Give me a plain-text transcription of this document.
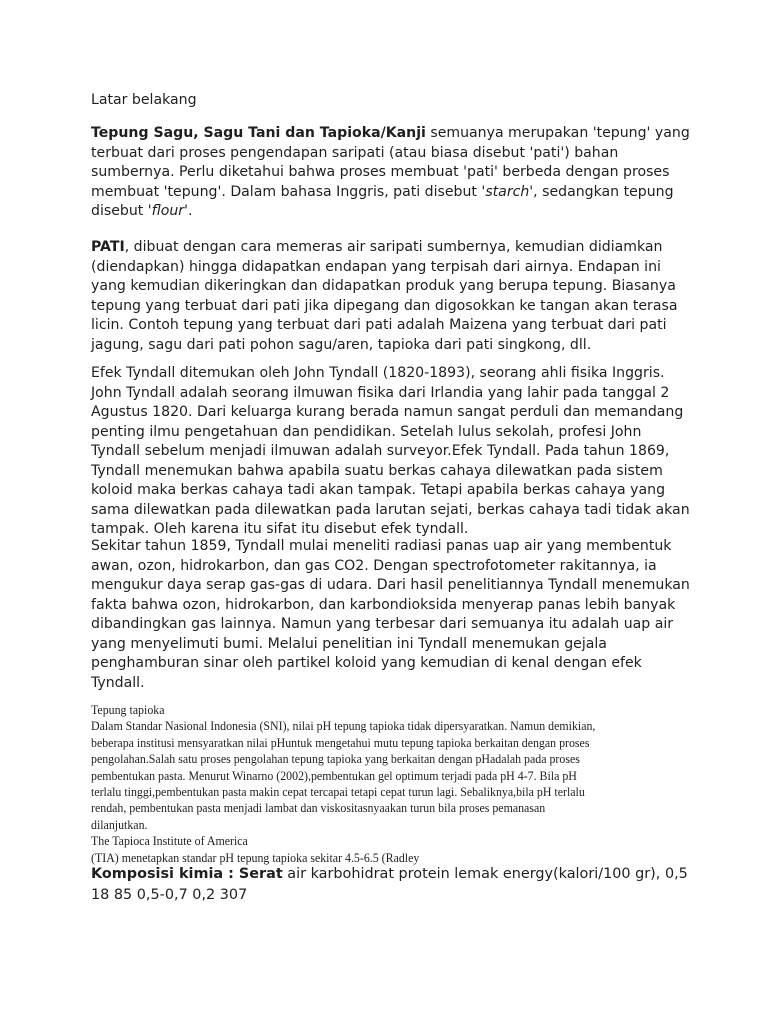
Latar belakang

Tepung Sagu, Sagu Tani dan Tapioka/Kanji semuanya merupakan 'tepung' yang terbuat dari proses pengendapan saripati (atau biasa disebut 'pati') bahan sumbernya. Perlu diketahui bahwa proses membuat 'pati' berbeda dengan proses membuat 'tepung'. Dalam bahasa Inggris, pati disebut 'starch', sedangkan tepung disebut 'flour'.

PATI, dibuat dengan cara memeras air saripati sumbernya, kemudian didiamkan (diendapkan) hingga didapatkan endapan yang terpisah dari airnya. Endapan ini yang kemudian dikeringkan dan didapatkan produk yang berupa tepung. Biasanya tepung yang terbuat dari pati jika dipegang dan digosokkan ke tangan akan terasa licin. Contoh tepung yang terbuat dari pati adalah Maizena yang terbuat dari pati jagung, sagu dari pati pohon sagu/aren, tapioka dari pati singkong, dll.

Efek Tyndall ditemukan oleh John Tyndall (1820-1893), seorang ahli fisika Inggris. John Tyndall adalah seorang ilmuwan fisika dari Irlandia yang lahir pada tanggal 2 Agustus 1820. Dari keluarga kurang berada namun sangat perduli dan memandang penting ilmu pengetahuan dan pendidikan. Setelah lulus sekolah, profesi John Tyndall sebelum menjadi ilmuwan adalah surveyor.Efek Tyndall. Pada tahun 1869, Tyndall menemukan bahwa apabila suatu berkas cahaya dilewatkan pada sistem koloid maka berkas cahaya tadi akan tampak. Tetapi apabila berkas cahaya yang sama dilewatkan pada dilewatkan pada larutan sejati, berkas cahaya tadi tidak akan tampak. Oleh karena itu sifat itu disebut efek tyndall.

Sekitar tahun 1859, Tyndall mulai meneliti radiasi panas uap air yang membentuk awan, ozon, hidrokarbon, dan gas CO2. Dengan spectrofotometer rakitannya, ia mengukur daya serap gas-gas di udara. Dari hasil penelitiannya Tyndall menemukan fakta bahwa ozon, hidrokarbon, dan karbondioksida menyerap panas lebih banyak dibandingkan gas lainnya. Namun yang terbesar dari semuanya itu adalah uap air yang menyelimuti bumi. Melalui penelitian ini Tyndall menemukan gejala penghamburan sinar oleh partikel koloid yang kemudian di kenal dengan efek Tyndall.

Tepung tapioka
Dalam Standar Nasional Indonesia (SNI), nilai pH tepung tapioka tidak dipersyaratkan. Namun demikian,
beberapa institusi mensyaratkan nilai pHuntuk mengetahui mutu tepung tapioka berkaitan dengan proses
pengolahan.Salah satu proses pengolahan tepung tapioka yang berkaitan dengan pHadalah pada proses
pembentukan pasta. Menurut Winarno (2002),pembentukan gel optimum terjadi pada pH 4-7. Bila pH
terlalu tinggi,pembentukan pasta makin cepat tercapai tetapi cepat turun lagi. Sebaliknya,bila pH terlalu
rendah, pembentukan pasta menjadi lambat dan viskositasnyaakan turun bila proses pemanasan
dilanjutkan.
The Tapioca Institute of America
(TIA) menetapkan standar pH tepung tapioka sekitar 4.5-6.5 (Radley

Komposisi kimia : Serat air karbohidrat protein lemak energy(kalori/100 gr), 0,5 18 85 0,5-0,7 0,2 307
